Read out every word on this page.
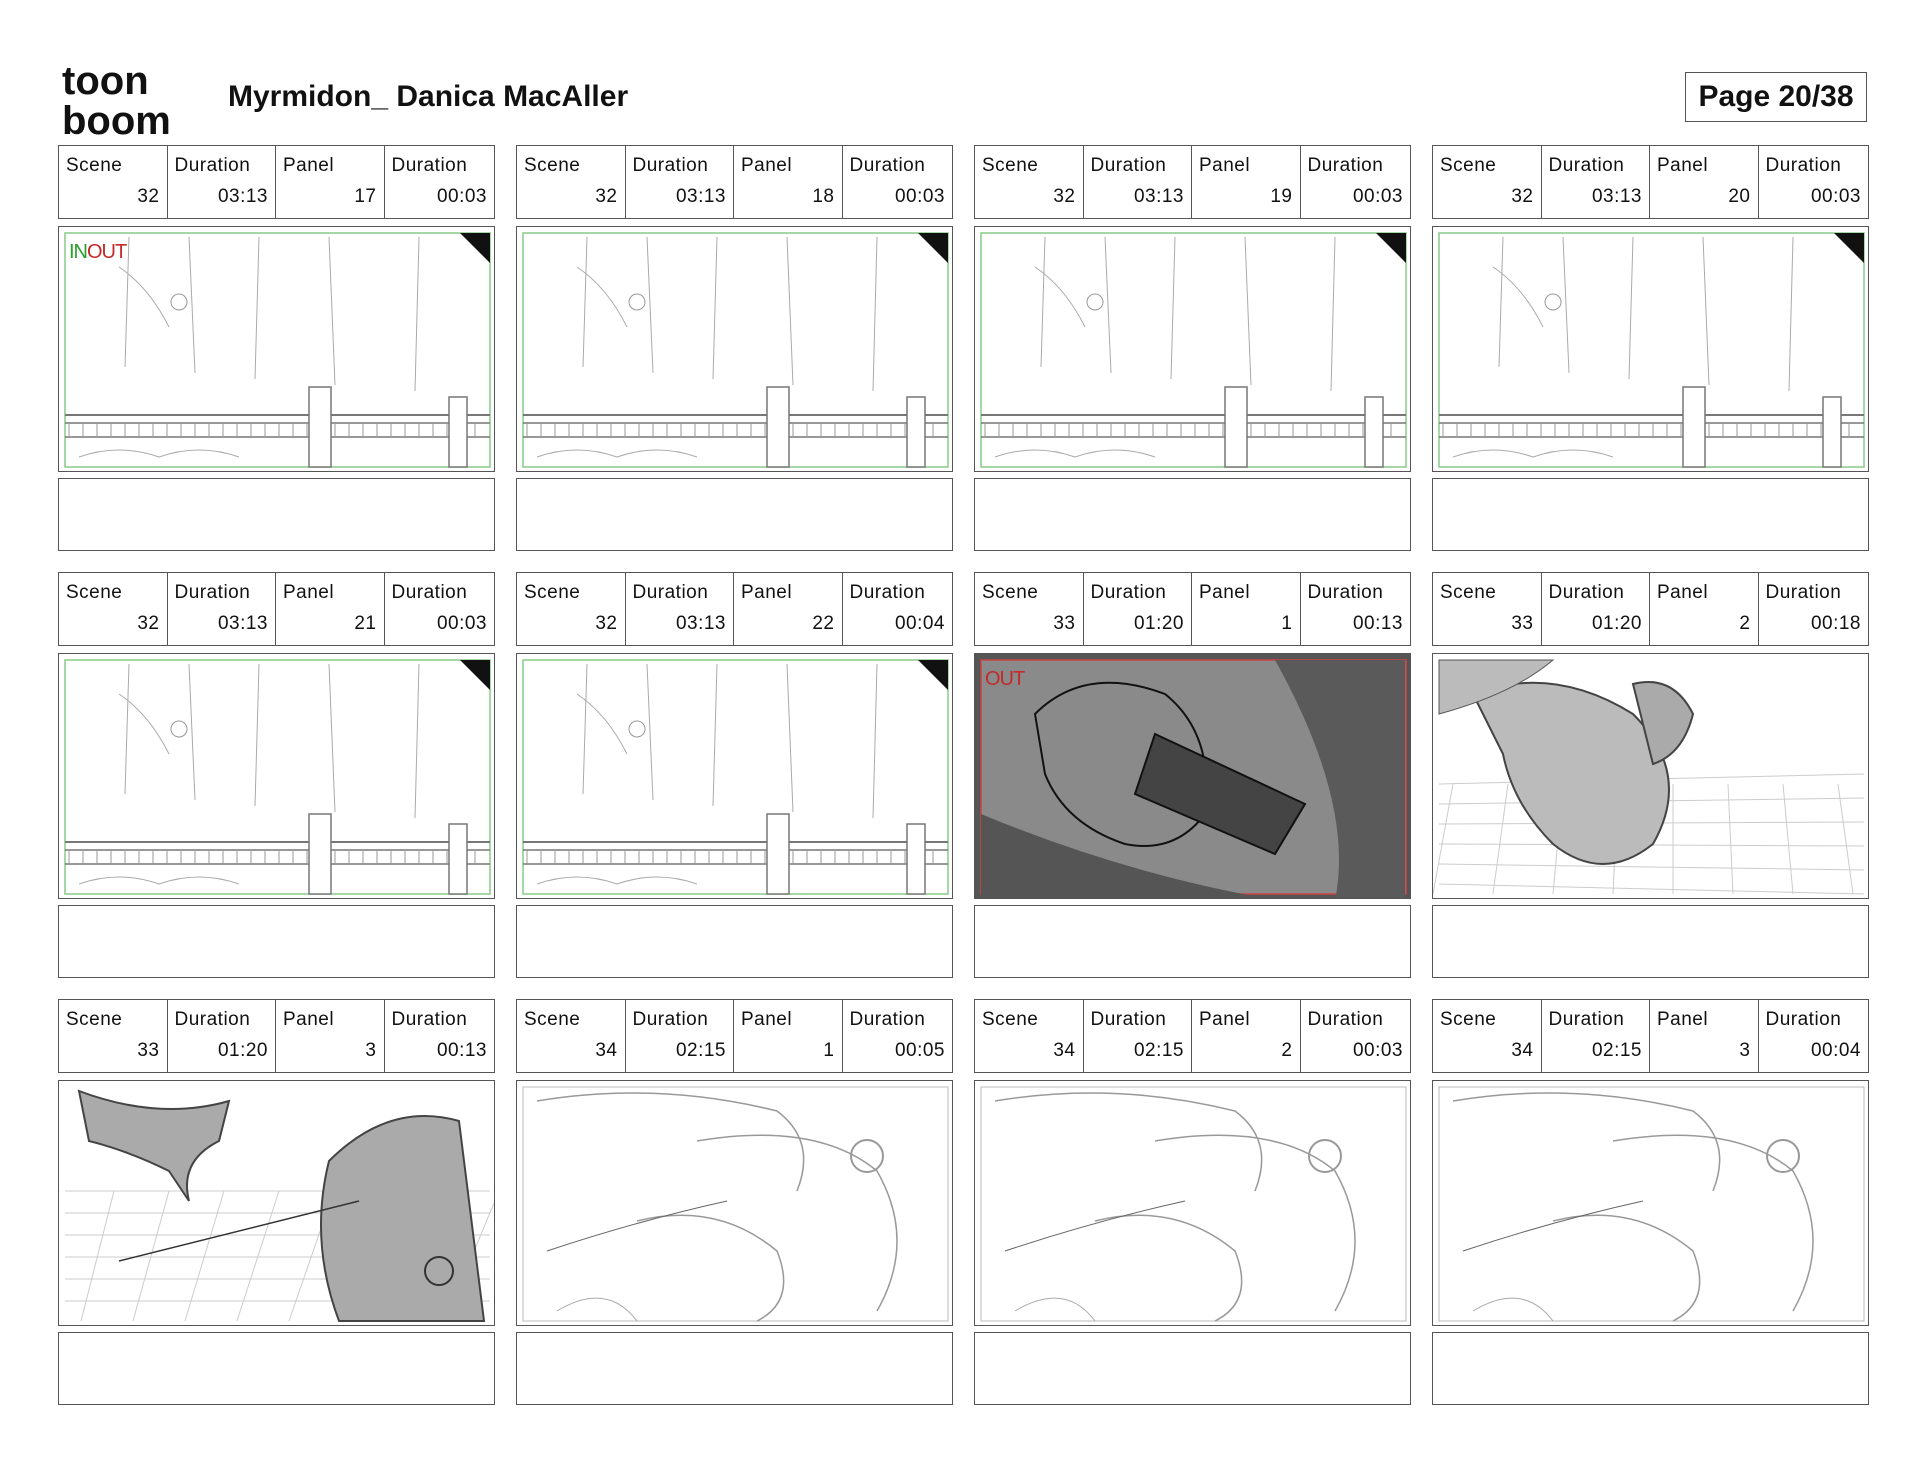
toon
boom
Myrmidon_ Danica MacAller	Page 20/38
Scene
32
Duration
03:13
Panel
17
Duration
00:03
INOUT
Scene
32
Duration
03:13
Panel
18
Duration
00:03
Scene
32
Duration
03:13
Panel
19
Duration
00:03
Scene
32
Duration
03:13
Panel
20
Duration
00:03
Scene
32
Duration
03:13
Panel
21
Duration
00:03
Scene
32
Duration
03:13
Panel
22
Duration
00:04
Scene
33
Duration
01:20
Panel
1
Duration
00:13
OUT
Scene
33
Duration
01:20
Panel
2
Duration
00:18
Scene
33
Duration
01:20
Panel
3
Duration
00:13
Scene
34
Duration
02:15
Panel
1
Duration
00:05
Scene
34
Duration
02:15
Panel
2
Duration
00:03
Scene
34
Duration
02:15
Panel
3
Duration
00:04
